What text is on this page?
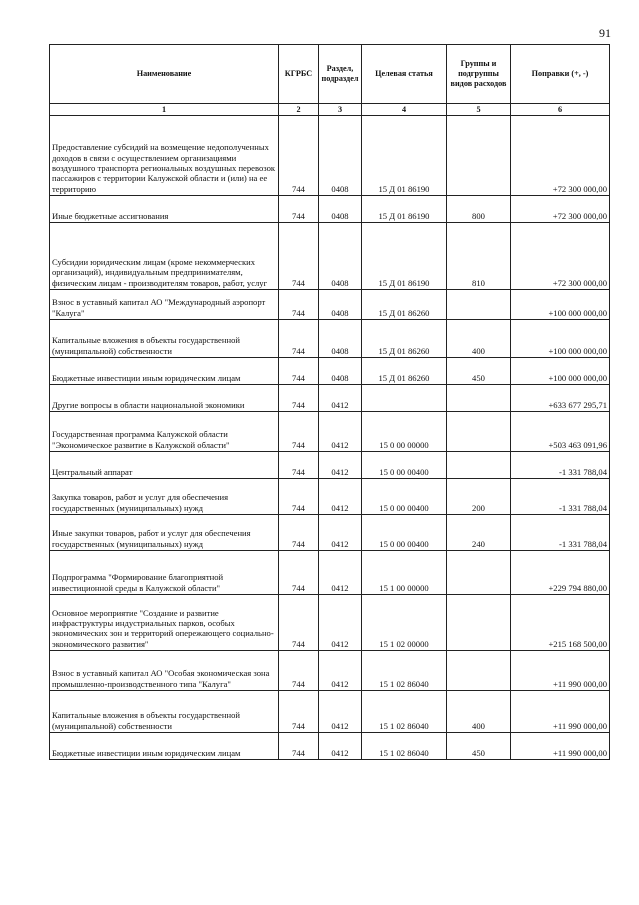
91
Наименование	КГРБС	Раздел, подраздел	Целевая статья	Группы и подгруппы видов расходов	Поправки (+, -)
1	2	3	4	5	6
Предоставление субсидий на возмещение недополученных доходов в связи с осуществлением организациями воздушного транспорта региональных воздушных перевозок пассажиров с территории Калужской области и (или) на ее территорию	744	0408	15 Д 01 86190		+72 300 000,00
Иные бюджетные ассигнования	744	0408	15 Д 01 86190	800	+72 300 000,00
Субсидии юридическим лицам (кроме некоммерческих организаций), индивидуальным предпринимателям, физическим лицам - производителям товаров, работ, услуг	744	0408	15 Д 01 86190	810	+72 300 000,00
Взнос в уставный капитал АО "Международный аэропорт "Калуга"	744	0408	15 Д 01 86260		+100 000 000,00
Капитальные вложения в объекты государственной (муниципальной) собственности	744	0408	15 Д 01 86260	400	+100 000 000,00
Бюджетные инвестиции иным юридическим лицам	744	0408	15 Д 01 86260	450	+100 000 000,00
Другие вопросы в области национальной экономики	744	0412			+633 677 295,71
Государственная программа Калужской области "Экономическое развитие в Калужской области"	744	0412	15 0 00 00000		+503 463 091,96
Центральный аппарат	744	0412	15 0 00 00400		-1 331 788,04
Закупка товаров, работ и услуг для обеспечения государственных (муниципальных) нужд	744	0412	15 0 00 00400	200	-1 331 788,04
Иные закупки товаров, работ и услуг для обеспечения государственных (муниципальных) нужд	744	0412	15 0 00 00400	240	-1 331 788,04
Подпрограмма "Формирование благоприятной инвестиционной среды в Калужской области"	744	0412	15 1 00 00000		+229 794 880,00
Основное мероприятие "Создание и развитие инфраструктуры индустриальных парков, особых экономических зон и территорий опережающего социально-экономического развития"	744	0412	15 1 02 00000		+215 168 500,00
Взнос в уставный капитал АО "Особая экономическая зона промышленно-производственного типа "Калуга"	744	0412	15 1 02 86040		+11 990 000,00
Капитальные вложения в объекты государственной (муниципальной) собственности	744	0412	15 1 02 86040	400	+11 990 000,00
Бюджетные инвестиции иным юридическим лицам	744	0412	15 1 02 86040	450	+11 990 000,00
